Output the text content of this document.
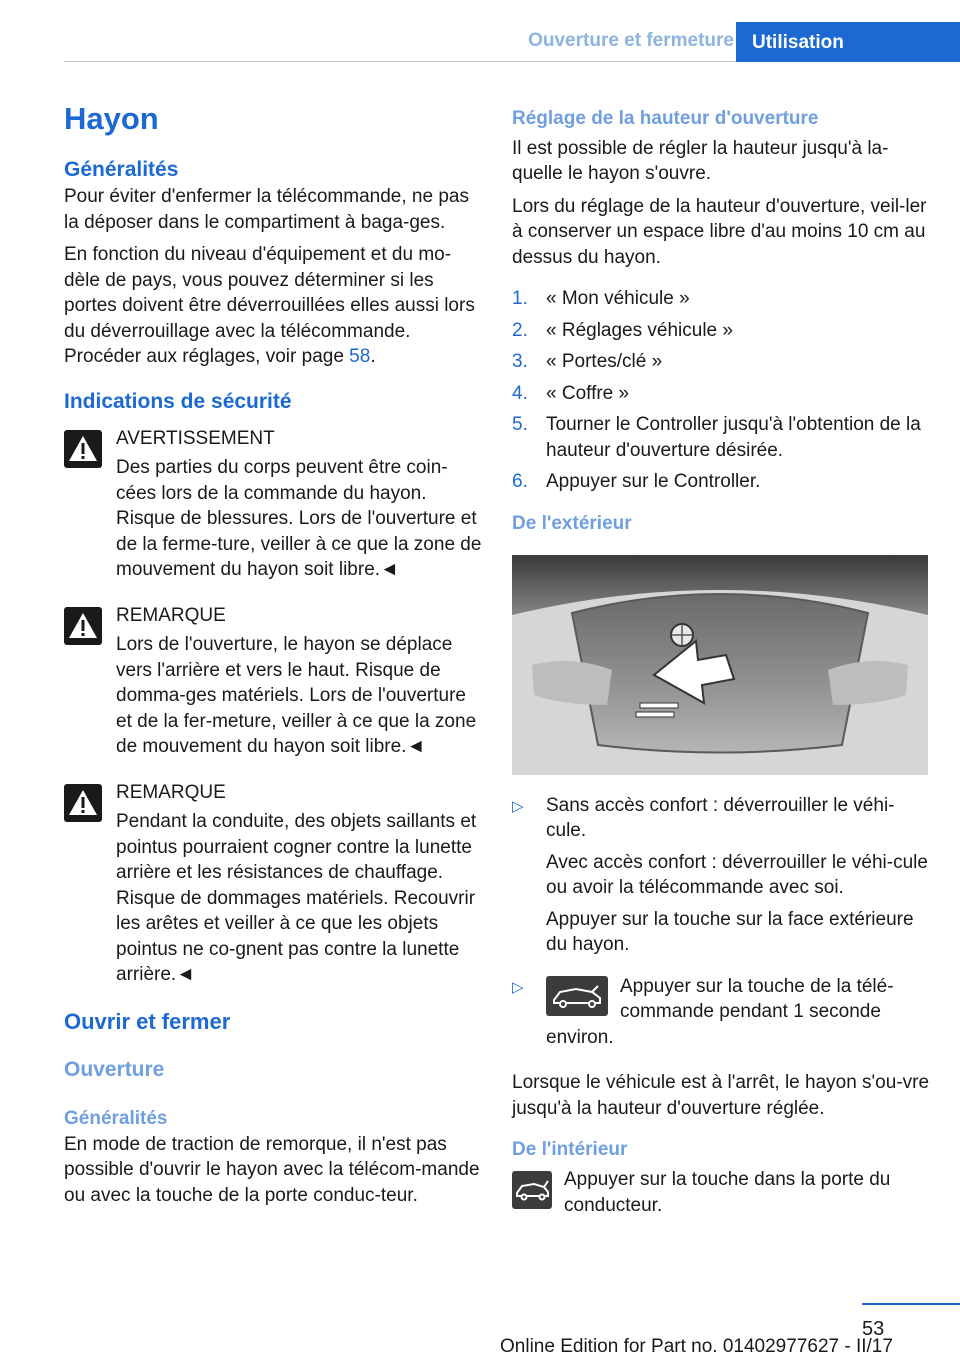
Ouverture et fermeture Utilisation
Hayon
Généralités

Pour éviter d'enfermer la télécommande, ne pas la déposer dans le compartiment à baga-ges.

En fonction du niveau d'équipement et du mo-dèle de pays, vous pouvez déterminer si les portes doivent être déverrouillées elles aussi lors du déverrouillage avec la télécommande.

Procéder aux réglages, voir page 58.

Indications de sécurité
AVERTISSEMENT
Des parties du corps peuvent être coin-cées lors de la commande du hayon. Risque de blessures. Lors de l'ouverture et de la ferme-ture, veiller à ce que la zone de mouvement du hayon soit libre.◄
REMARQUE
Lors de l'ouverture, le hayon se déplace vers l'arrière et vers le haut. Risque de domma-ges matériels. Lors de l'ouverture et de la fer-meture, veiller à ce que la zone de mouvement du hayon soit libre.◄
REMARQUE
Pendant la conduite, des objets saillants et pointus pourraient cogner contre la lunette arrière et les résistances de chauffage. Risque de dommages matériels. Recouvrir les arêtes et veiller à ce que les objets pointus ne co-gnent pas contre la lunette arrière.◄
Ouvrir et fermer
Ouverture
Généralités

En mode de traction de remorque, il n'est pas possible d'ouvrir le hayon avec la télécom-mande ou avec la touche de la porte conduc-teur.

Réglage de la hauteur d'ouverture

Il est possible de régler la hauteur jusqu'à la-quelle le hayon s'ouvre.

Lors du réglage de la hauteur d'ouverture, veil-ler à conserver un espace libre d'au moins 10 cm au dessus du hayon.

1. « Mon véhicule »
2. « Réglages véhicule »
3. « Portes/clé »
4. « Coffre »
5. Tourner le Controller jusqu'à l'obtention de la hauteur d'ouverture désirée.
6. Appuyer sur le Controller.
De l'extérieur
▷ Sans accès confort : déverrouiller le véhi-cule.

Avec accès confort : déverrouiller le véhi-cule ou avoir la télécommande avec soi.

Appuyer sur la touche sur la face extérieure du hayon.

▷	Appuyer sur la touche de la télé-commande pendant 1 seconde environ.

Lorsque le véhicule est à l'arrêt, le hayon s'ou-vre jusqu'à la hauteur d'ouverture réglée.

De l'intérieur

Appuyer sur la touche dans la porte du conducteur.

53
Online Edition for Part no. 01402977627 - II/17
